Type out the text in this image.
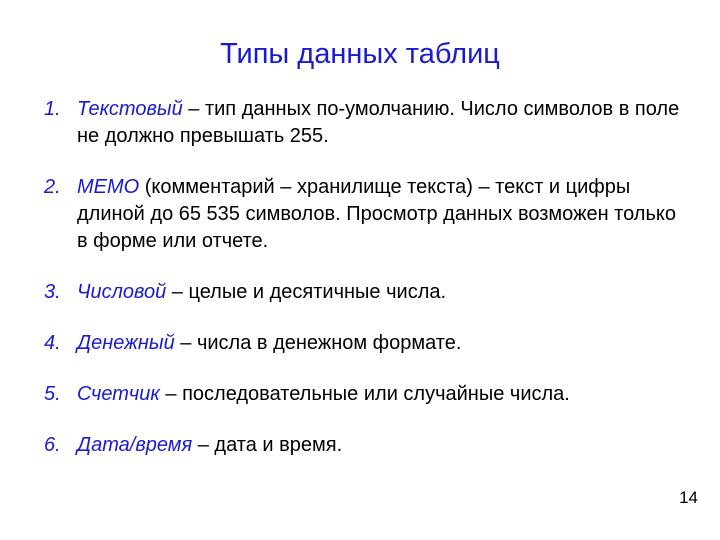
Типы данных таблиц
1. Текстовый – тип данных по-умолчанию. Число символов в поле не должно превышать 255.
2. МЕМО (комментарий – хранилище текста) – текст и цифры длиной до 65 535 символов. Просмотр данных возможен только в форме или отчете.
3. Числовой – целые и десятичные числа.
4. Денежный – числа в денежном формате.
5. Счетчик – последовательные или случайные числа.
6. Дата/время – дата и время.
14
